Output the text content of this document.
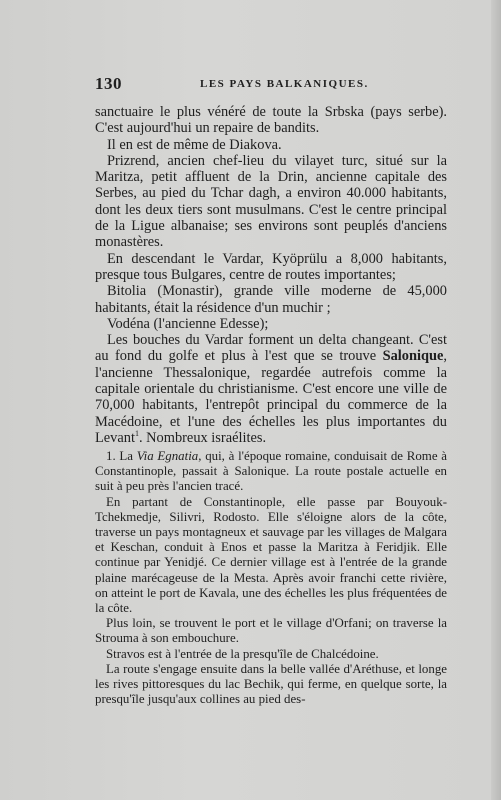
130	LES PAYS BALKANIQUES.

sanctuaire le plus vénéré de toute la Srbska (pays serbe). C'est aujourd'hui un repaire de bandits.

Il en est de même de Diakova.

Prizrend, ancien chef-lieu du vilayet turc, situé sur la Maritza, petit affluent de la Drin, ancienne capitale des Serbes, au pied du Tchar dagh, a environ 40.000 habitants, dont les deux tiers sont musulmans. C'est le centre principal de la Ligue albanaise; ses environs sont peuplés d'anciens monastères.

En descendant le Vardar, Kyöprülu a 8,000 habitants, presque tous Bulgares, centre de routes importantes;

Bitolia (Monastir), grande ville moderne de 45,000 habitants, était la résidence d'un muchir ;

Vodéna (l'ancienne Edesse);

Les bouches du Vardar forment un delta changeant. C'est au fond du golfe et plus à l'est que se trouve Salonique, l'ancienne Thessalonique, regardée autrefois comme la capitale orientale du christianisme. C'est encore une ville de 70,000 habitants, l'entrepôt principal du commerce de la Macédoine, et l'une des échelles les plus importantes du Levant$^1$. Nombreux israélites.

1. La Via Egnatia, qui, à l'époque romaine, conduisait de Rome à Constantinople, passait à Salonique. La route postale actuelle en suit à peu près l'ancien tracé.

En partant de Constantinople, elle passe par Bouyouk-Tchekmedje, Silivri, Rodosto. Elle s'éloigne alors de la côte, traverse un pays montagneux et sauvage par les villages de Malgara et Keschan, conduit à Enos et passe la Maritza à Feridjik. Elle continue par Yenidjé. Ce dernier village est à l'entrée de la grande plaine marécageuse de la Mesta. Après avoir franchi cette rivière, on atteint le port de Kavala, une des échelles les plus fréquentées de la côte.

Plus loin, se trouvent le port et le village d'Orfani; on traverse la Strouma à son embouchure.

Stravos est à l'entrée de la presqu'île de Chalcédoine.

La route s'engage ensuite dans la belle vallée d'Aréthuse, et longe les rives pittoresques du lac Bechik, qui ferme, en quelque sorte, la presqu'île jusqu'aux collines au pied des-
